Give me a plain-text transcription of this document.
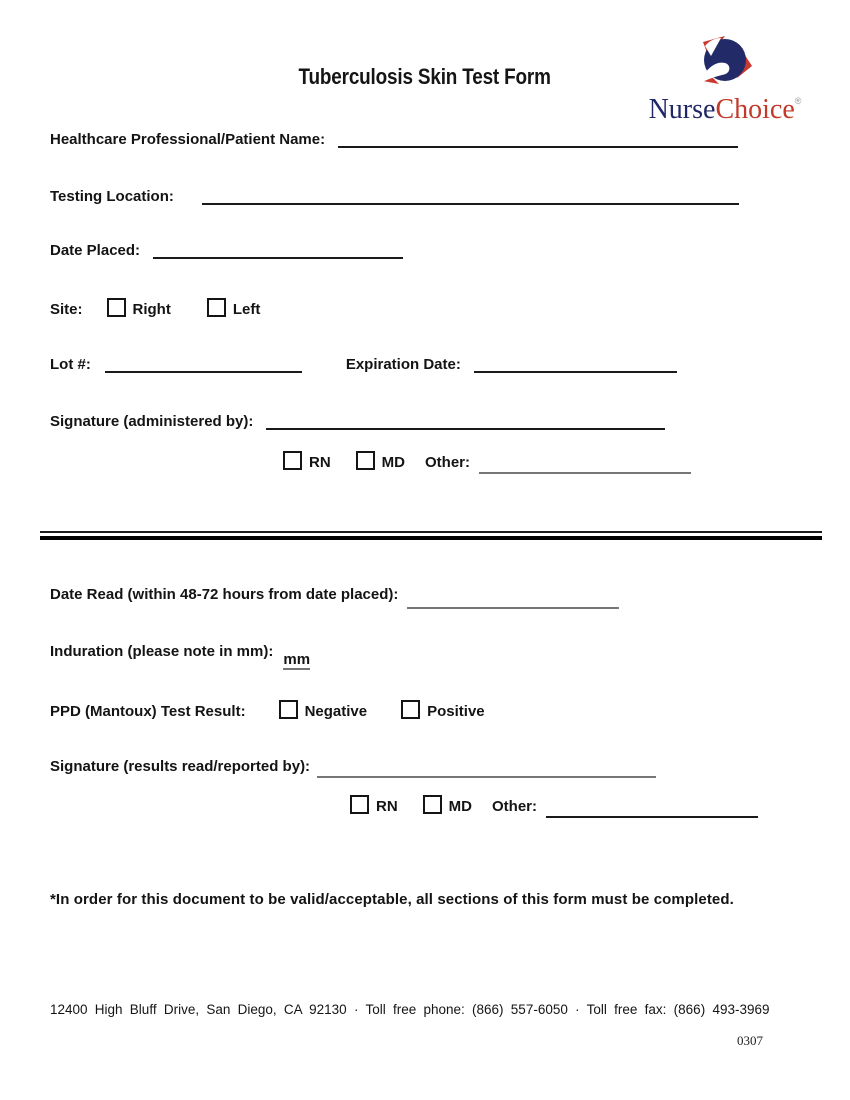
Tuberculosis Skin Test Form
NurseChoice®
Healthcare Professional/Patient Name:
Testing Location:
Date Placed:
Site:	Right	Left
Lot #:	Expiration Date:
Signature (administered by):
RN	MD Other:
Date Read (within 48-72 hours from date placed):
Induration (please note in mm): mm
PPD (Mantoux) Test Result:	Negative	Positive
Signature (results read/reported by):
RN	MD Other:
*In order for this document to be valid/acceptable, all sections of this form must be completed.
12400 High Bluff Drive, San Diego, CA 92130 · Toll free phone: (866) 557-6050 · Toll free fax: (866) 493-3969
0307
